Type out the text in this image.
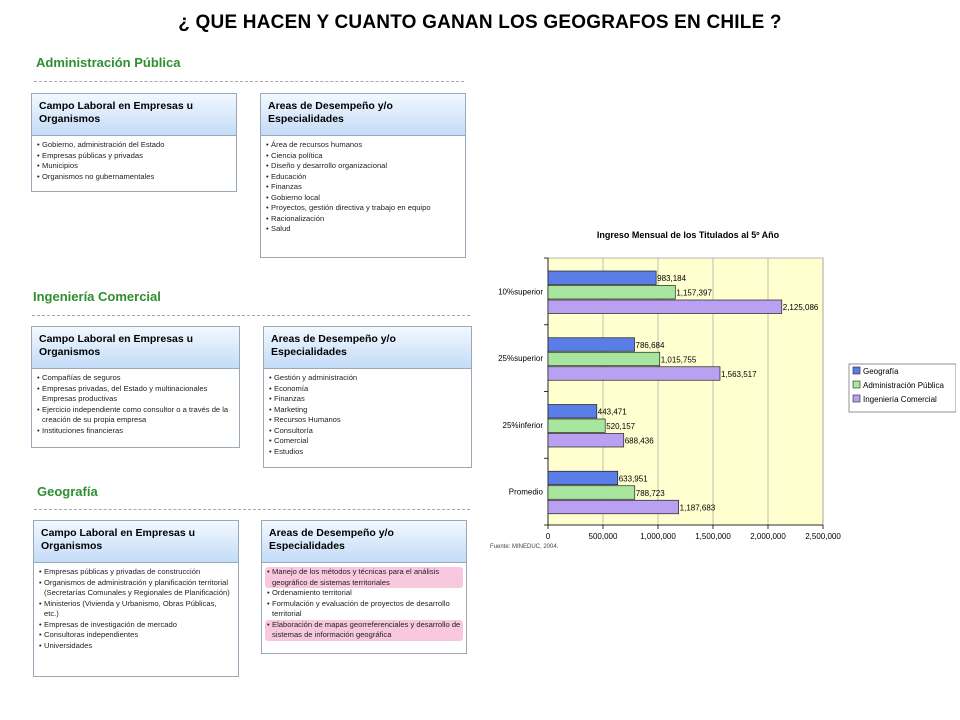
¿ QUE HACEN Y CUANTO GANAN LOS GEOGRAFOS EN CHILE ?
Administración Pública
Campo Laboral en Empresas u Organismos
• Gobierno, administración del Estado
• Empresas públicas y privadas
• Municipios
• Organismos no gubernamentales
Areas de Desempeño y/o Especialidades
• Área de recursos humanos
• Ciencia política
• Diseño y desarrollo organizacional
• Educación
• Finanzas
• Gobierno local
• Proyectos, gestión directiva y trabajo en equipo
• Racionalización
• Salud
Ingeniería Comercial
Campo Laboral en Empresas u Organismos
• Compañías de seguros
• Empresas privadas, del Estado y multinacionales Empresas productivas
• Ejercicio independiente como consultor o a través de la creación de su propia empresa
• Instituciones financieras
Areas de Desempeño y/o Especialidades
• Gestión y administración
• Economía
• Finanzas
• Marketing
• Recursos Humanos
• Consultoría
• Comercial
• Estudios
Geografía
Campo Laboral en Empresas u Organismos
• Empresas públicas y privadas de construcción
• Organismos de administración y planificación territorial (Secretarías Comunales y Regionales de Planificación)
• Ministerios (Vivienda y Urbanismo, Obras Públicas, etc.)
• Empresas de investigación de mercado
• Consultoras independientes
• Universidades
Areas de Desempeño y/o Especialidades
• Manejo de los métodos y técnicas para el análisis geográfico de sistemas territoriales
• Ordenamiento territorial
• Formulación y evaluación de proyectos de desarrollo territorial
• Elaboración de mapas georreferenciales y desarrollo de sistemas de información geográfica
Ingreso Mensual de los Titulados al 5º Año
0	500,000	1,000,000 1,500,000 2,000,000 2,500,000
10%superior
983,184
1,157,397
2,125,086
25%superior
786,684
1,015,755
1,563,517
25%inferior
443,471
520,157
688,436
Promedio
633,951
788,723
1,187,683
Geografía
Administración Pública
Ingeniería Comercial
Fuente: MINEDUC, 2004.
